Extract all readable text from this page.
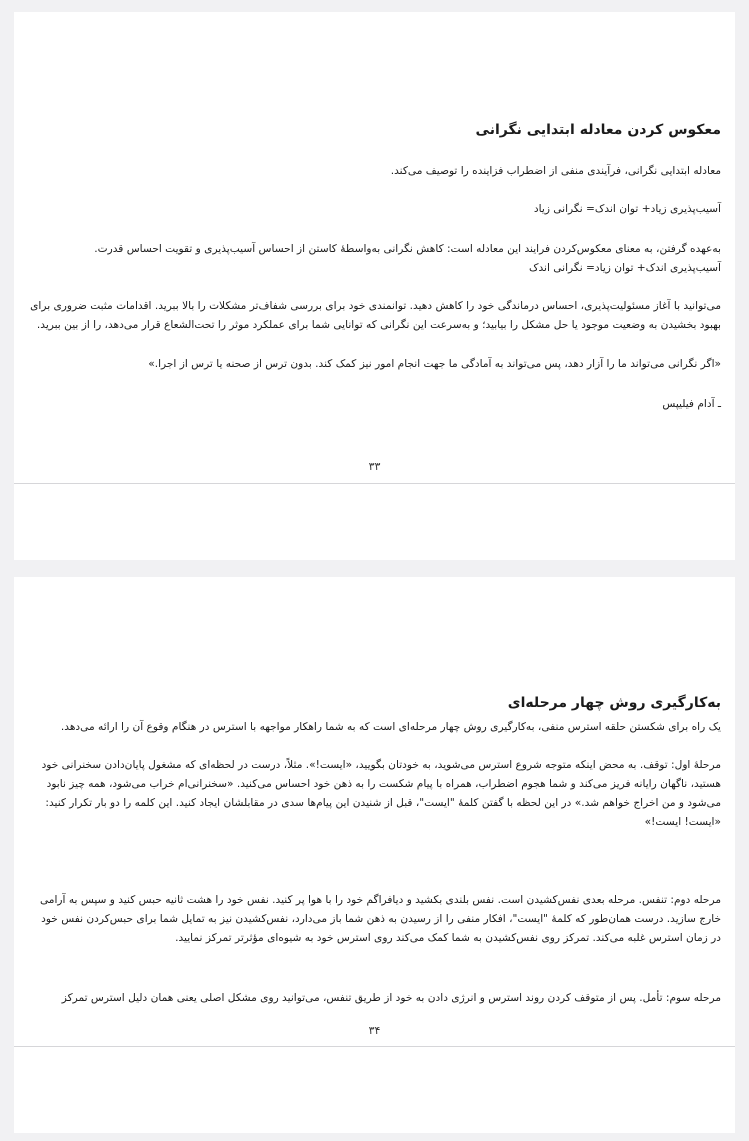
معکوس کردن معادله ابتدایی نگرانی
معادله ابتدایی نگرانی، فرآیندی منفی از اضطراب فزاینده را توصیف می‌کند.
آسیب‌پذیری زیاد+ توان اندک= نگرانی زیاد
به‌عهده گرفتن، به معنای معکوس‌کردن فرایند این معادله است: کاهش نگرانی به‌واسطهٔ کاستن از احساس آسیب‌پذیری و تقویت احساس قدرت.
آسیب‌پذیری اندک+ توان زیاد= نگرانی اندک
می‌توانید با آغاز مسئولیت‌پذیری، احساس درماندگی خود را کاهش دهید. توانمندی خود برای بررسی شفاف‌تر مشکلات را بالا ببرید. اقدامات مثبت ضروری برای بهبود بخشیدن به وضعیت موجود یا حل مشکل را بیابید؛ و به‌سرعت این نگرانی که توانایی شما برای عملکرد موثر را تحت‌الشعاع قرار می‌دهد، را از بین ببرید.
«اگر نگرانی می‌تواند ما را آزار دهد، پس می‌تواند به آمادگی ما جهت انجام امور نیز کمک کند. بدون ترس از صحنه یا ترس از اجرا.»
ـ آدام فیلیپس
۳۳
به‌کارگیری روش چهار مرحله‌ای
یک راه برای شکستن حلقه استرس منفی، به‌کارگیری روش چهار مرحله‌ای است که به شما راهکار مواجهه با استرس در هنگام وقوع آن را ارائه می‌دهد.
مرحلهٔ اول: توقف. به محض اینکه متوجه شروع استرس می‌شوید، به خودتان بگویید، «ایست!». مثلاً، درست در لحظه‌ای که مشغول پایان‌دادن سخنرانی خود هستید، ناگهان رایانه فریز می‌کند و شما هجوم اضطراب، همراه با پیام شکست را به ذهن خود احساس می‌کنید. «سخنرانی‌ام خراب می‌شود، همه چیز نابود می‌شود و من اخراج خواهم شد.» در این لحظه با گفتن کلمهٔ "ایست"، قبل از شنیدن این پیام‌ها سدی در مقابلشان ایجاد کنید. این کلمه را دو بار تکرار کنید: «ایست! ایست!»
مرحله دوم: تنفس. مرحله بعدی نفس‌کشیدن است. نفس بلندی بکشید و دیافراگم خود را با هوا پر کنید. نفس خود را هشت ثانیه حبس کنید و سپس به آرامی خارج سازید. درست همان‌طور که کلمهٔ "ایست"، افکار منفی را از رسیدن به ذهن شما باز می‌دارد، نفس‌کشیدن نیز به تمایل شما برای حبس‌کردن نفس خود در زمان استرس غلبه می‌کند. تمرکز روی نفس‌کشیدن به شما کمک می‌کند روی استرس خود به شیوه‌ای مؤثرتر تمرکز نمایید.
مرحله سوم: تأمل. پس از متوقف کردن روند استرس و انرژی دادن به خود از طریق تنفس، می‌توانید روی مشکل اصلی یعنی همان دلیل استرس تمرکز
۳۴
